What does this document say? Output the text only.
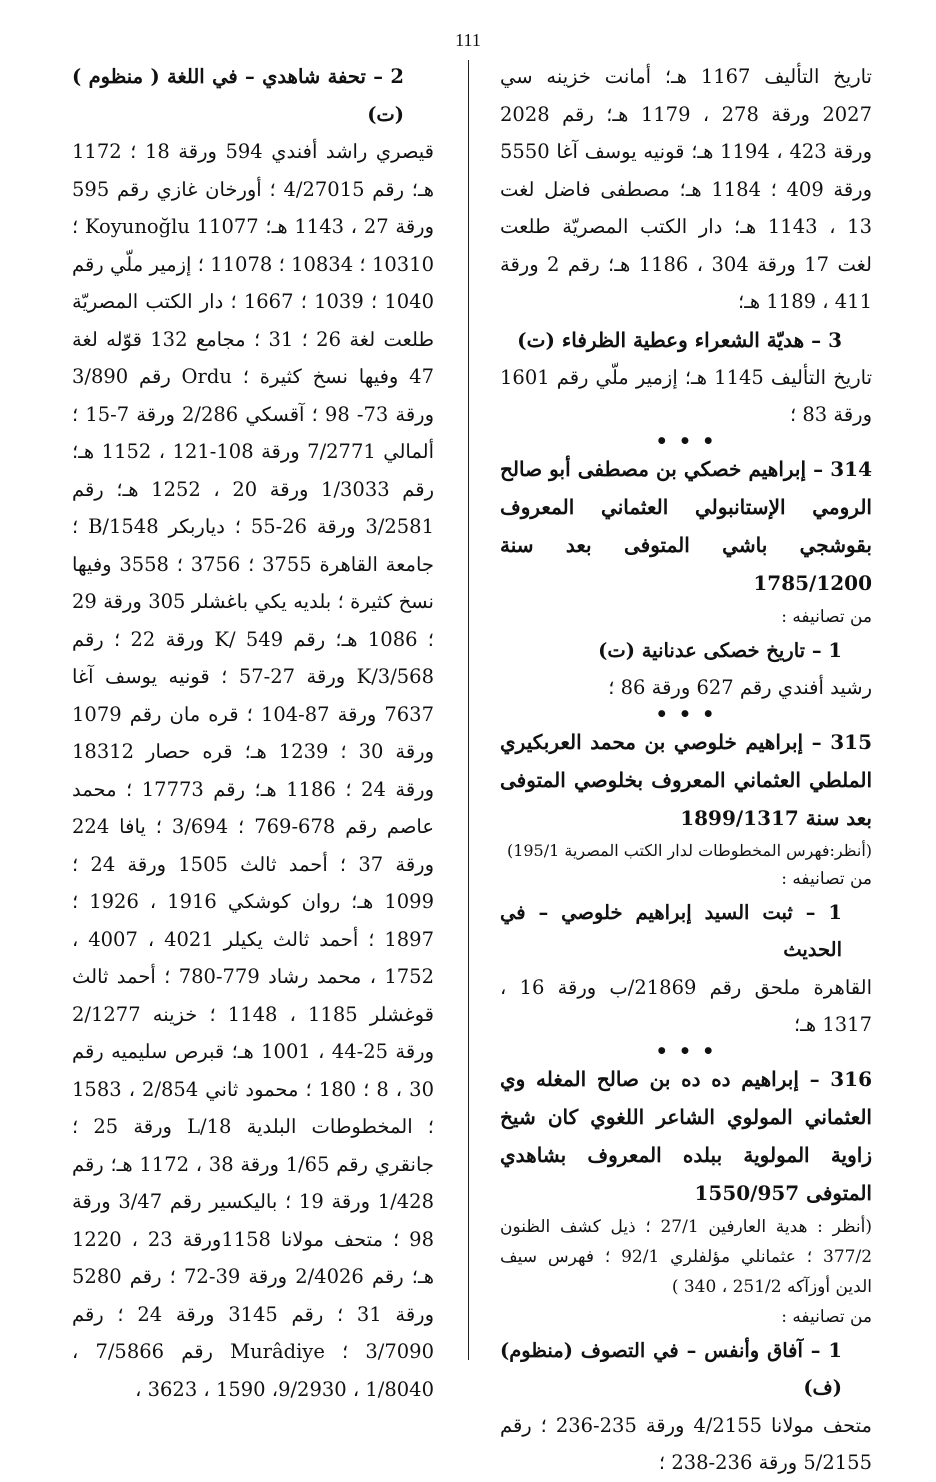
111

تاريخ التأليف 1167 هـ؛ أمانت خزينه سي 2027 ورقة 278 ، 1179 هـ؛ رقم 2028 ورقة 423 ، 1194 هـ؛ قونيه يوسف آغا 5550 ورقة 409 ؛ 1184 هـ؛ مصطفى فاضل لغت 13 ، 1143 هـ؛ دار الكتب المصريّة طلعت لغت 17 ورقة 304 ، 1186 هـ؛ رقم 2 ورقة 411 ، 1189 هـ؛

3 – هديّة الشعراء وعطية الظرفاء (ت)

تاريخ التأليف 1145 هـ؛ إزمير ملّي رقم 1601 ورقة 83 ؛

• • •

314 – إبراهيم خصكي بن مصطفى أبو صالح الرومي الإستانبولي العثماني المعروف بقوشجي باشي المتوفى بعد سنة 1785/1200

من تصانيفه :

1 – تاريخ خصكى عدنانية (ت)

رشيد أفندي رقم 627 ورقة 86 ؛

• • •

315 – إبراهيم خلوصي بن محمد العربكيري الملطي العثماني المعروف بخلوصي المتوفى بعد سنة 1899/1317

(أنظر:فهرس المخطوطات لدار الكتب المصرية 195/1)

من تصانيفه :

1 – ثبت السيد إبراهيم خلوصي – في الحديث

القاهرة ملحق رقم 21869/ب ورقة 16 ، 1317 هـ؛

• • •

316 – إبراهيم ده ده بن صالح المغله وي العثماني المولوي الشاعر اللغوي كان شيخ زاوية المولوية ببلده المعروف بشاهدي المتوفى 1550/957

(أنظر : هدية العارفين 27/1 ؛ ذيل كشف الظنون 377/2 ؛ عثمانلي مؤلفلري 92/1 ؛ فهرس سيف الدين أوزآكه 251/2 ، 340 )

من تصانيفه :

1 – آفاق وأنفس – في التصوف (منظوم) (ف)

متحف مولانا 4/2155 ورقة 235-236 ؛ رقم 5/2155 ورقة 236-238 ؛

2 – تحفة شاهدي – في اللغة ( منظوم ) (ت)

قيصري راشد أفندي 594 ورقة 18 ؛ 1172 هـ؛ رقم 4/27015 ؛ أورخان غازي رقم 595 ورقة 27 ، 1143 هـ؛ Koyunoğlu 11077 ؛ 10310 ؛ 10834 ؛ 11078 ؛ إزمير ملّي رقم 1040 ؛ 1039 ؛ 1667 ؛ دار الكتب المصريّة طلعت لغة 26 ؛ 31 ؛ مجامع 132 قوّله لغة 47 وفيها نسخ كثيرة ؛ Ordu رقم 3/890 ورقة 73- 98 ؛ آقسكي 2/286 ورقة 7-15 ؛ ألمالي 7/2771 ورقة 108-121 ، 1152 هـ؛ رقم 1/3033 ورقة 20 ، 1252 هـ؛ رقم 3/2581 ورقة 26-55 ؛ دياربكر 1548/B ؛ جامعة القاهرة 3755 ؛ 3756 ؛ 3558 وفيها نسخ كثيرة ؛ بلديه يكي باغشلر 305 ورقة 29 ؛ 1086 هـ؛ رقم K/ 549 ورقة 22 ؛ رقم 3/568/K ورقة 27-57 ؛ قونيه يوسف آغا 7637 ورقة 87-104 ؛ قره مان رقم 1079 ورقة 30 ؛ 1239 هـ؛ قره حصار 18312 ورقة 24 ؛ 1186 هـ؛ رقم 17773 ؛ محمد عاصم رقم 678-769 ؛ 3/694 ؛ يافا 224 ورقة 37 ؛ أحمد ثالث 1505 ورقة 24 ؛ 1099 هـ؛ روان كوشكي 1916 ، 1926 ؛ 1897 ؛ أحمد ثالث يكيلر 4021 ، 4007 ، 1752 ، محمد رشاد 779-780 ؛ أحمد ثالث قوغشلر 1185 ، 1148 ؛ خزينه 2/1277 ورقة 25-44 ، 1001 هـ؛ قبرص سليميه رقم 30 ، 8 ؛ 180 ؛ محمود ثاني 2/854 ، 1583 ؛ المخطوطات البلدية 18/L ورقة 25 ؛ جانقري رقم 1/65 ورقة 38 ، 1172 هـ؛ رقم 1/428 ورقة 19 ؛ باليكسير رقم 3/47 ورقة 98 ؛ متحف مولانا 1158ورقة 23 ، 1220 هـ؛ رقم 2/4026 ورقة 39-72 ؛ رقم 5280 ورقة 31 ؛ رقم 3145 ورقة 24 ؛ رقم 3/7090 ؛ Murâdiye رقم 7/5866 ، 1/8040 ، 9/2930، 1590 ، 3623 ،
